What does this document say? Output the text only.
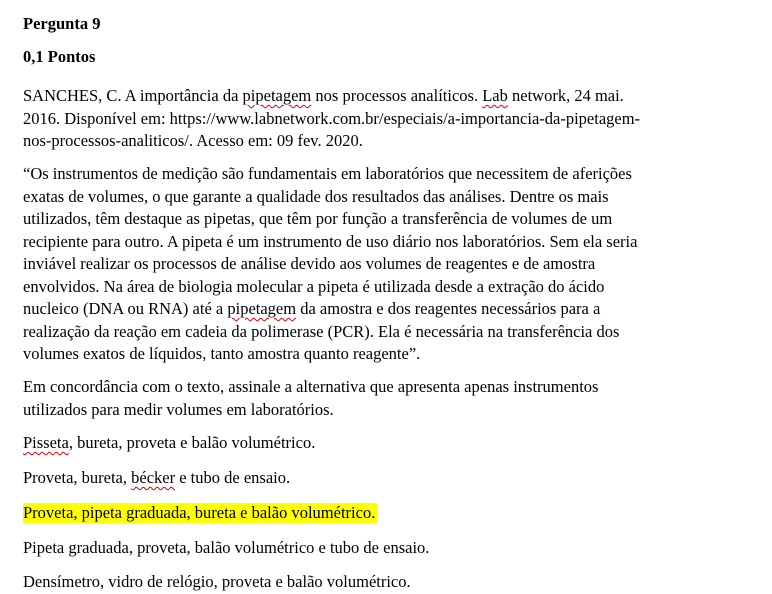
Pergunta 9
0,1 Pontos
SANCHES, C. A importância da pipetagem nos processos analíticos. Lab network, 24 mai.
2016. Disponível em: https://www.labnetwork.com.br/especiais/a-importancia-da-pipetagem-
nos-processos-analiticos/. Acesso em: 09 fev. 2020.
“Os instrumentos de medição são fundamentais em laboratórios que necessitem de aferições
exatas de volumes, o que garante a qualidade dos resultados das análises. Dentre os mais
utilizados, têm destaque as pipetas, que têm por função a transferência de volumes de um
recipiente para outro. A pipeta é um instrumento de uso diário nos laboratórios. Sem ela seria
inviável realizar os processos de análise devido aos volumes de reagentes e de amostra
envolvidos. Na área de biologia molecular a pipeta é utilizada desde a extração do ácido
nucleico (DNA ou RNA) até a pipetagem da amostra e dos reagentes necessários para a
realização da reação em cadeia da polimerase (PCR). Ela é necessária na transferência dos
volumes exatos de líquidos, tanto amostra quanto reagente”.
Em concordância com o texto, assinale a alternativa que apresenta apenas instrumentos
utilizados para medir volumes em laboratórios.
Pisseta, bureta, proveta e balão volumétrico.
Proveta, bureta, bécker e tubo de ensaio.
Proveta, pipeta graduada, bureta e balão volumétrico.
Pipeta graduada, proveta, balão volumétrico e tubo de ensaio.
Densímetro, vidro de relógio, proveta e balão volumétrico.
